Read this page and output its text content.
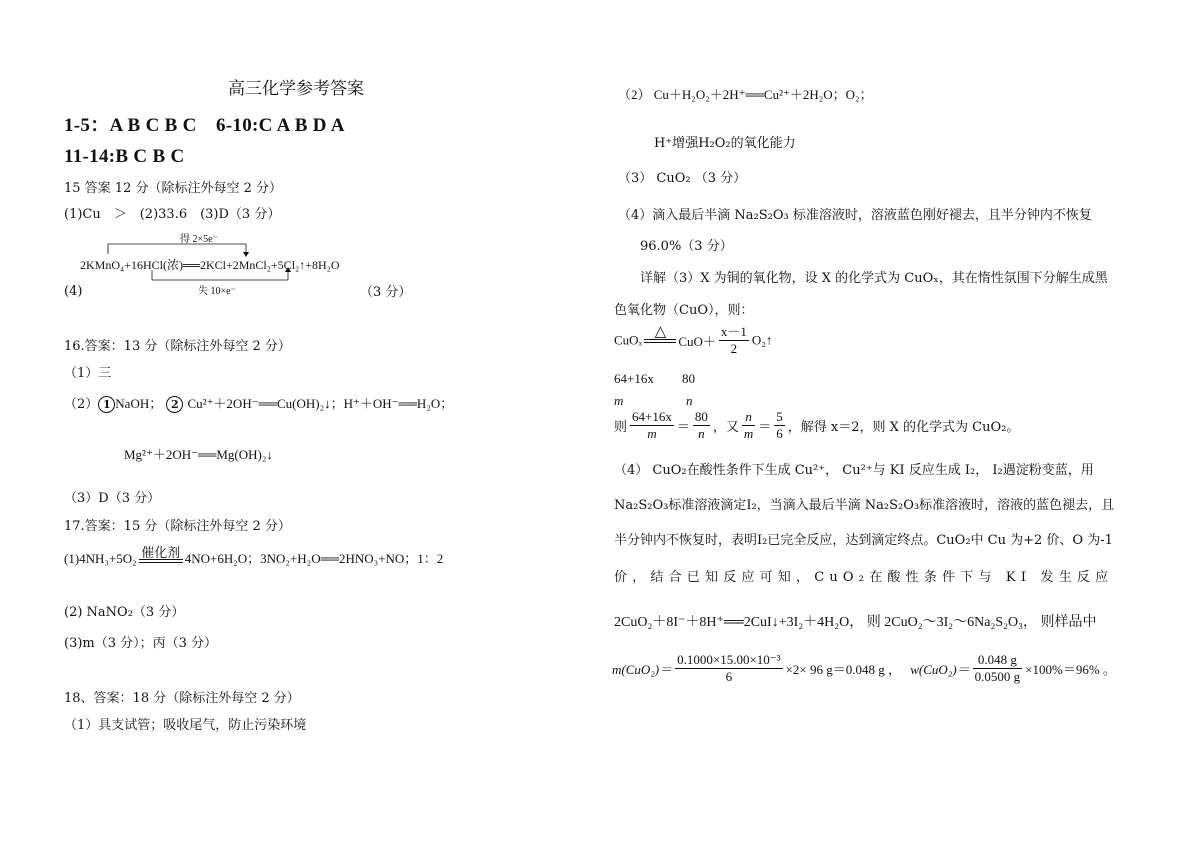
高三化学参考答案
1-5：A B C B C　6-10:C A B D A
11-14:B C B C
15 答案 12 分（除标注外每空 2 分）
(1)Cu　＞　(2)33.6　(3)D（3 分）
得 2×5e⁻
2KMnO₄+16HCl(浓)══2KCl+2MnCl₂+5Cl₂↑+8H₂O
失 10×e⁻
(4)	（3 分）
16.答案：13 分（除标注外每空 2 分）
（1）三
（2） 1 NaOH； 2 Cu²⁺＋2OH⁻══Cu(OH)₂↓；H⁺＋OH⁻══H₂O；
Mg²⁺＋2OH⁻══Mg(OH)₂↓
（3）D（3 分）
17.答案：15 分（除标注外每空 2 分）
(1)4NH₃+5O₂ 催化剂 4NO+6H₂O；3NO₂+H₂O══2HNO₃+NO；1：2
(2) NaNO₂（3 分）
(3)m（3 分）；丙（3 分）
18、答案：18 分（除标注外每空 2 分）
（1）具支试管；吸收尾气，防止污染环境
（2） Cu＋H₂O₂＋2H⁺══Cu²⁺＋2H₂O；O₂；
H⁺增强H₂O₂的氧化能力
（3） CuO₂ （3 分）
（4）滴入最后半滴 Na₂S₂O₃ 标准溶液时，溶液蓝色刚好褪去，且半分钟内不恢复
96.0%（3 分）
详解（3）X 为铜的氧化物，设 X 的化学式为 CuOₓ，其在惰性氛围下分解生成黑
色氧化物（CuO），则：
CuOₓ △
$CuO+ \frac{x-1}{2}$ O₂↑
64+16x 80
m	n
则 $\frac{64+16x}{m} = \frac{80}{n}$ ，又 $\frac{n}{m} = \frac{5}{6}$ ，解得 x＝2，则 X 的化学式为 CuO₂。
（4） CuO₂在酸性条件下生成 Cu²⁺， Cu²⁺与 KI 反应生成 I₂， I₂遇淀粉变蓝，用
Na₂S₂O₃标准溶液滴定I₂，当滴入最后半滴 Na₂S₂O₃标准溶液时，溶液的蓝色褪去，且
半分钟内不恢复时，表明I₂已完全反应，达到滴定终点。CuO₂中 Cu 为+2 价、O 为-1
价，结合已知反应可知，CuO₂在酸性条件下与 KI 发生反应
2CuO₂＋8I⁻＋8H⁺══2CuI↓+3I₂＋4H₂O， 则 2CuO₂～3I₂～6Na₂S₂O₃， 则样品中
$m(CuO_2)= \frac{\text{0.1000×15.00×10⁻³}}{6} \times 2\times 96$ g＝0.048 g ， $w(CuO_2)= \frac{0.048 g}{0.0500 g} \times 100\%=96\%$ 。
